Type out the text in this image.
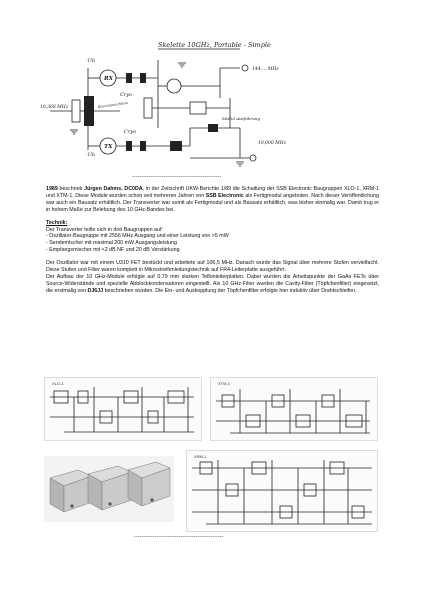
Skelette 10GHz, Portable - Simple
-Ub
-Ub
10,368 MHz	Koaxialanschluss
RX
TX
Cryo
Cryo
Modul Ausführung
144,... MHz
10,000 MHz
------------------------------------------------

1989 beschrieb Jürgen Dahms, DC0DA, in der Zeitschrift UKW-Berichte 1/89 die Schaltung der SSB Electronic Baugruppen XLO-1, XRM-1 und XTM-1. Diese Module wurden schon seit mehreren Jahren von SSB Electronic als Fertigmodul angeboten. Nach dieser Veröffentlichung war auch ein Bausatz erhältlich. Der Transverter war somit als Fertigmodul und als Bausatz erhältlich, was bisher einmalig war. Damit trug er in hohem Maße zur Belebung des 10 GHz-Bandes bei.

Technik:

Der Transverter teilte sich in drei Baugruppen auf:

- Oszillator-Baugruppe mit 2556 MHz Ausgang und einer Leistung von >5 mW
- Sendemischer mit maximal 200 mW Ausgangsleistung
- Empfangsmischer mit <2 dB NF und 20 dB Verstärkung

Der Oszillator war mit einem U310 FET bestückt und arbeitete auf 106,5 MHz. Danach wurde das Signal über mehrere Stufen vervielfacht. Diese Stufen und Filter waren komplett in Mikrostreifenleitungstechnik auf FR4-Leiterplatte ausgeführt.

Der Aufbau der 10 GHz-Module erfolgte auf 0,79 mm starken Teflonleiterplatten. Dabei wurden die Arbeitspunkte der GaAs FETs über Source-Widerstände und spezielle Abblockkondensatoren eingestellt. Als 10 GHz-Filter wurden die Cavity-Filter (Töpfchenfilter) eingesetzt, die erstmalig von DJ6JJ beschrieben wurden. Die Ein- und Auskopplung der Töpfchenfilter erfolgte hier induktiv über Drahtschleifen.

XLO-1	XTM-1
XRM-1
------------------------------------------------
